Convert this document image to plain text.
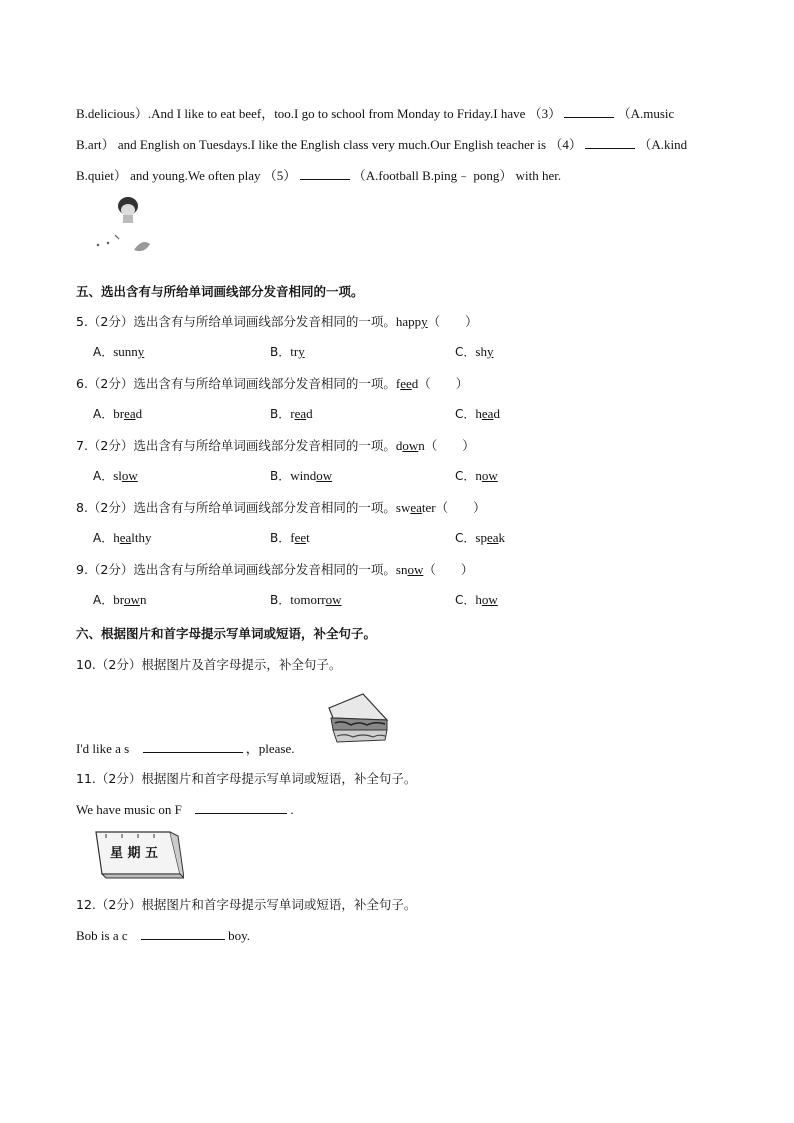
B.delicious）.And I like to eat beef，too.I go to school from Monday to Friday.I have （3）	（A.music
B.art） and English on Tuesdays.I like the English class very much.Our English teacher is （4）	（A.kind
B.quiet） and young.We often play （5）	（A.football B.ping﹣ pong） with her.
五、选出含有与所给单词画线部分发音相同的一项。
5.（2分）选出含有与所给单词画线部分发音相同的一项。happy（　　）
A．sunny	B．try	C．shy
6.（2分）选出含有与所给单词画线部分发音相同的一项。feed（　　）
A．bread	B．read	C．head
7.（2分）选出含有与所给单词画线部分发音相同的一项。down（　　）
A．slow	B．window	C．now
8.（2分）选出含有与所给单词画线部分发音相同的一项。sweater（　　）
A．healthy	B．feet	C．speak
9.（2分）选出含有与所给单词画线部分发音相同的一项。snow（　　）
A．brown	B．tomorrow	C．how
六、根据图片和首字母提示写单词或短语，补全句子。
10.（2分）根据图片及首字母提示，补全句子。
I'd like a s	，please.
11.（2分）根据图片和首字母提示写单词或短语，补全句子。
We have music on F	.
星 期 五
12.（2分）根据图片和首字母提示写单词或短语，补全句子。
Bob is a c	boy.
